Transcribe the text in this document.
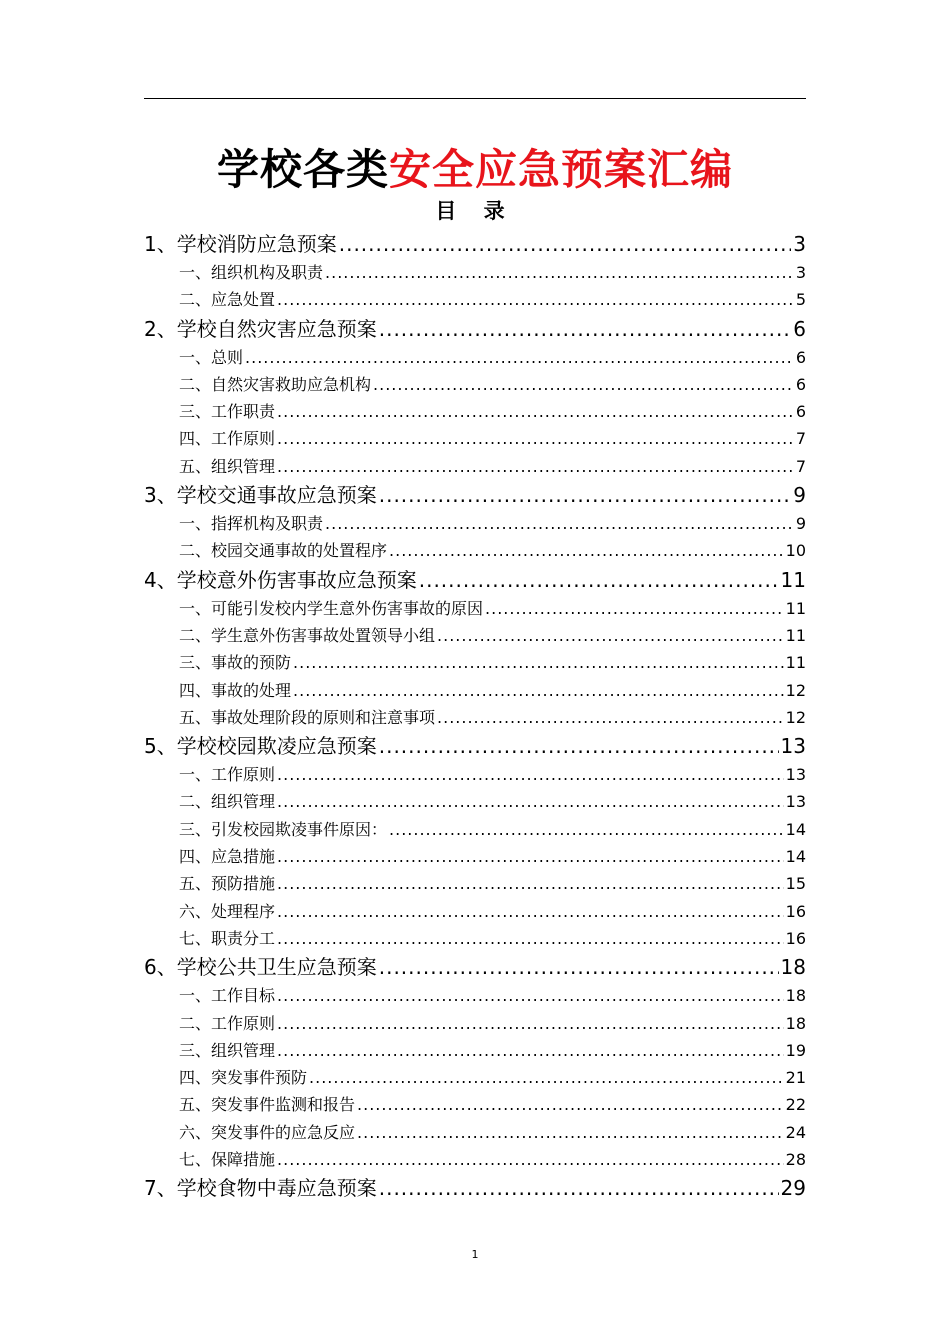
学校各类安全应急预案汇编
目 录
1、学校消防应急预案 .....	3
一、组织机构及职责 .....	3
二、应急处置 .....	5
2、学校自然灾害应急预案 .....	6
一、总则 .....	6
二、自然灾害救助应急机构 .....	6
三、工作职责 .....	6
四、工作原则 .....	7
五、组织管理 .....	7
3、学校交通事故应急预案 .....	9
一、指挥机构及职责 .....	9
二、校园交通事故的处置程序 .....	10
4、学校意外伤害事故应急预案 .....	11
一、可能引发校内学生意外伤害事故的原因 .....	11
二、学生意外伤害事故处置领导小组 .....	11
三、事故的预防 .....	11
四、事故的处理 .....	12
五、事故处理阶段的原则和注意事项 .....	12
5、学校校园欺凌应急预案 .....	13
一、工作原则 .....	13
二、组织管理 .....	13
三、引发校园欺凌事件原因： .....	14
四、应急措施 .....	14
五、预防措施 .....	15
六、处理程序 .....	16
七、职责分工 .....	16
6、学校公共卫生应急预案 .....	18
一、工作目标 .....	18
二、工作原则 .....	18
三、组织管理 .....	19
四、突发事件预防 .....	21
五、突发事件监测和报告 .....	22
六、突发事件的应急反应 .....	24
七、保障措施 .....	28
7、学校食物中毒应急预案 .....	29
1
